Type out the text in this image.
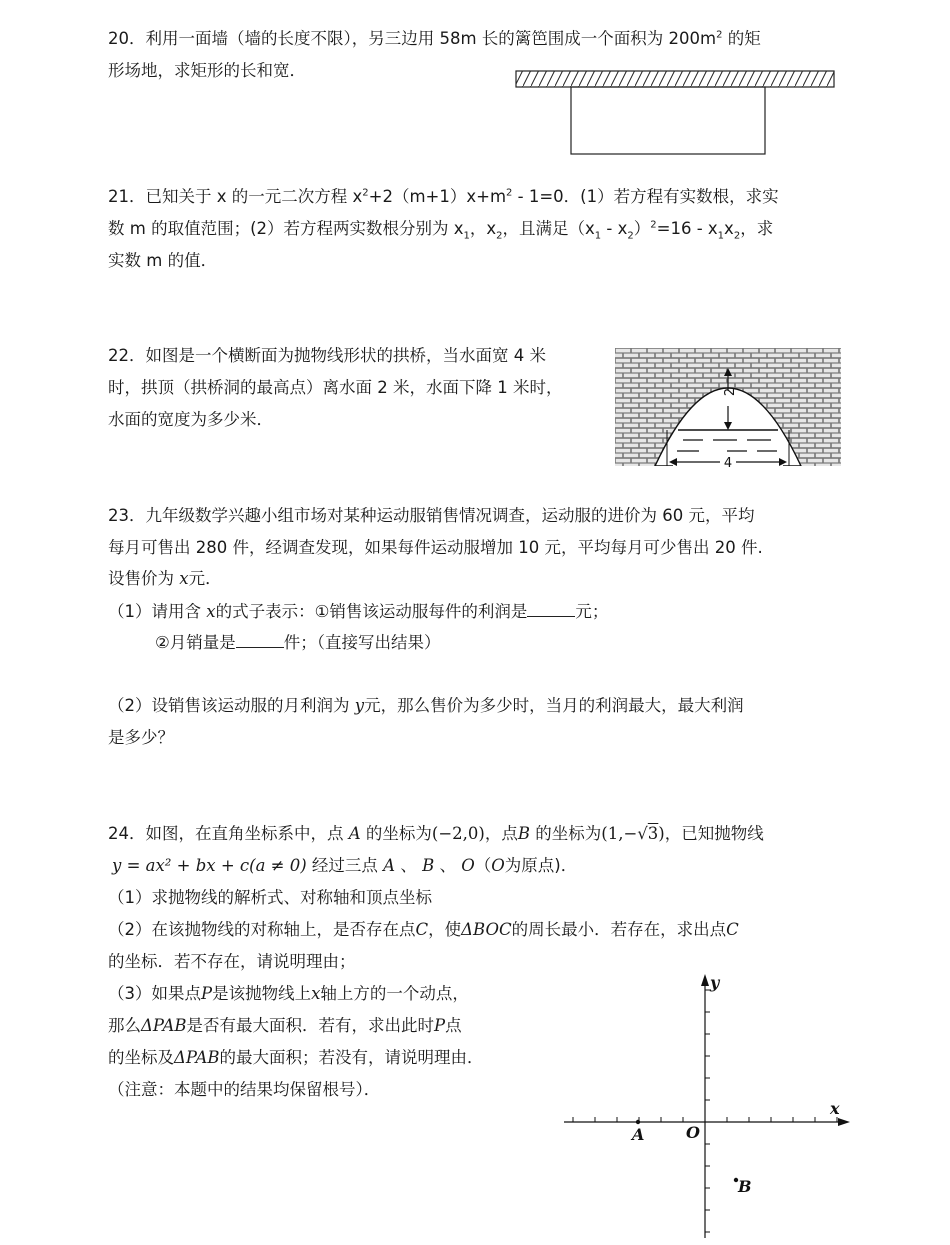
20．利用一面墙（墙的长度不限），另三边用 58m 长的篱笆围成一个面积为 $200m^2$ 的矩
形场地，求矩形的长和宽．
21．已知关于 x 的一元二次方程 $x^2+2(m+1)x+m^2 - 1=0$．(1）若方程有实数根，求实
数 m 的取值范围；(2）若方程两实数根分别为 $x_1$，$x_2$，且满足$(x_1 - x_2)^2=16 - x_1x_2$，求
实数 m 的值．
22．如图是一个横断面为抛物线形状的拱桥，当水面宽 4 米
时，拱顶（拱桥洞的最高点）离水面 2 米，水面下降 1 米时，
水面的宽度为多少米．
2
4
23．九年级数学兴趣小组市场对某种运动服销售情况调查，运动服的进价为 60 元，平均
每月可售出 280 件，经调查发现，如果每件运动服增加 10 元，平均每月可少售出 20 件.
设售价为 x元．
（1）请用含 x的式子表示：①销售该运动服每件的利润是	元；
②月销量是	件；（直接写出结果）
（2）设销售该运动服的月利润为 y元，那么售价为多少时，当月的利润最大，最大利润
是多少？
24．如图，在直角坐标系中，点 A 的坐标为(−2,0)，点B 的坐标为(1,−√3)，已知抛物线
y = ax² + bx + c(a ≠ 0) 经过三点 A 、 B 、 O（O为原点)．
（1）求抛物线的解析式、对称轴和顶点坐标
（2）在该抛物线的对称轴上，是否存在点C，使ΔBOC的周长最小．若存在，求出点C
的坐标．若不存在，请说明理由；
（3）如果点P是该抛物线上x轴上方的一个动点，
那么ΔPAB是否有最大面积．若有，求出此时P点
的坐标及ΔPAB的最大面积；若没有，请说明理由．
（注意：本题中的结果均保留根号）．
x
y
A	O
B
